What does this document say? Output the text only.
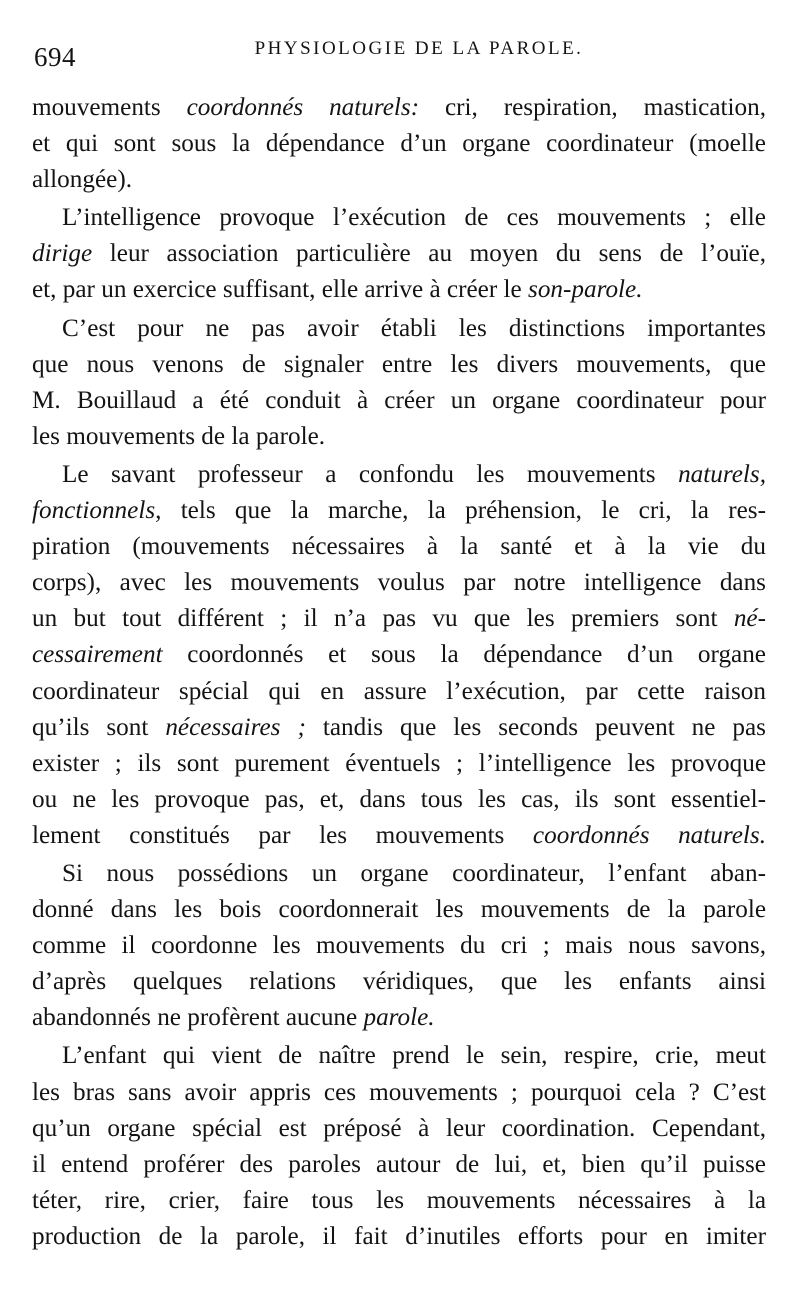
694	PHYSIOLOGIE DE LA PAROLE.
mouvements coordonnés naturels: cri, respiration, mastication,
et qui sont sous la dépendance d’un organe coordinateur (moelle
allongée).
L’intelligence provoque l’exécution de ces mouvements ; elle
dirige leur association particulière au moyen du sens de l’ouïe,
et, par un exercice suffisant, elle arrive à créer le son-parole.
C’est pour ne pas avoir établi les distinctions importantes
que nous venons de signaler entre les divers mouvements, que
M. Bouillaud a été conduit à créer un organe coordinateur pour
les mouvements de la parole.
Le savant professeur a confondu les mouvements naturels,
fonctionnels, tels que la marche, la préhension, le cri, la res-
piration (mouvements nécessaires à la santé et à la vie du
corps), avec les mouvements voulus par notre intelligence dans
un but tout différent ; il n’a pas vu que les premiers sont né-
cessairement coordonnés et sous la dépendance d’un organe
coordinateur spécial qui en assure l’exécution, par cette raison
qu’ils sont nécessaires ; tandis que les seconds peuvent ne pas
exister ; ils sont purement éventuels ; l’intelligence les provoque
ou ne les provoque pas, et, dans tous les cas, ils sont essentiel-
lement constitués par les mouvements coordonnés naturels.
Si nous possédions un organe coordinateur, l’enfant aban-
donné dans les bois coordonnerait les mouvements de la parole
comme il coordonne les mouvements du cri ; mais nous savons,
d’après quelques relations véridiques, que les enfants ainsi
abandonnés ne profèrent aucune parole.
L’enfant qui vient de naître prend le sein, respire, crie, meut
les bras sans avoir appris ces mouvements ; pourquoi cela ? C’est
qu’un organe spécial est préposé à leur coordination. Cependant,
il entend proférer des paroles autour de lui, et, bien qu’il puisse
téter, rire, crier, faire tous les mouvements nécessaires à la
production de la parole, il fait d’inutiles efforts pour en imiter
